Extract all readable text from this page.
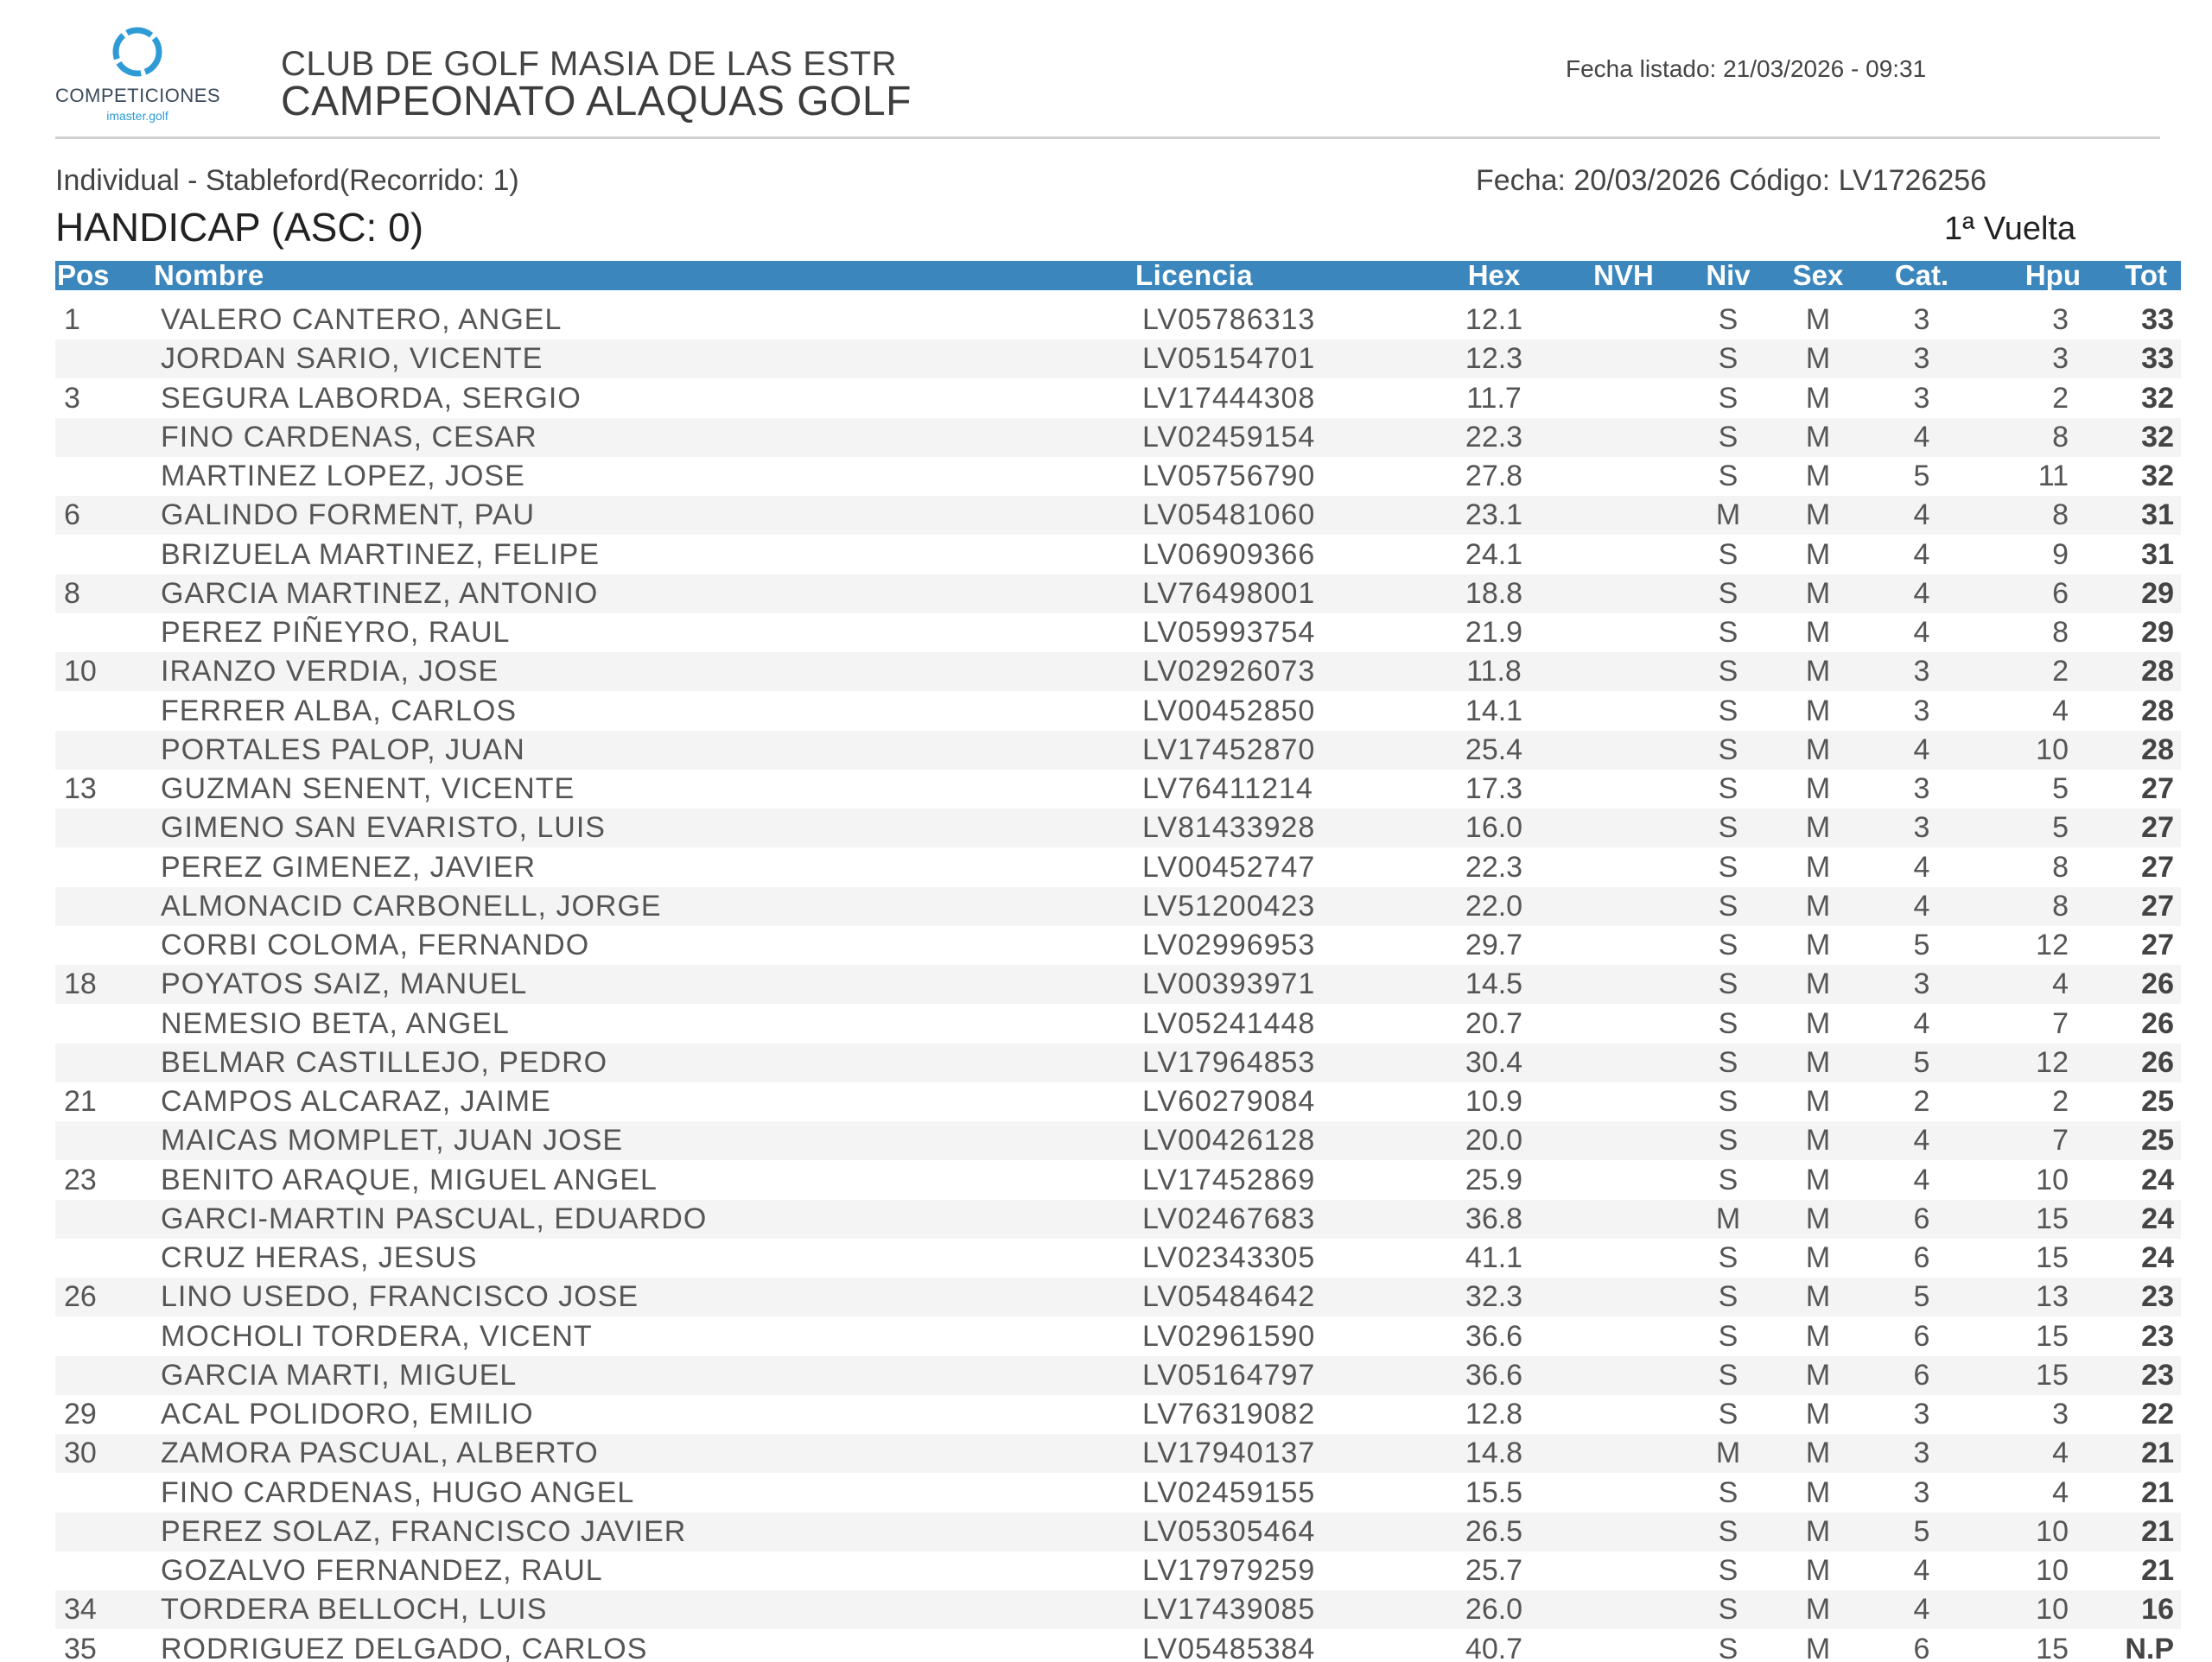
COMPETICIONES
imaster.golf
CLUB DE GOLF MASIA DE LAS ESTR
CAMPEONATO ALAQUAS GOLF
Fecha listado: 21/03/2026 - 09:31
Individual - Stableford(Recorrido: 1)	Fecha: 20/03/2026 Código: LV1726256
HANDICAP (ASC: 0)	1ª Vuelta
Pos Nombre	Licencia	Hex	NVH	Niv	Sex	Cat.	Hpu Tot
1	VALERO CANTERO, ANGEL	LV05786313	12.1	S	M	3	3 33
JORDAN SARIO, VICENTE	LV05154701	12.3	S	M	3	3 33
3	SEGURA LABORDA, SERGIO	LV17444308	11.7	S	M	3	2 32
FINO CARDENAS, CESAR	LV02459154	22.3	S	M	4	8 32
MARTINEZ LOPEZ, JOSE	LV05756790	27.8	S	M	5	11 32
6	GALINDO FORMENT, PAU	LV05481060	23.1	M	M	4	8 31
BRIZUELA MARTINEZ, FELIPE	LV06909366	24.1	S	M	4	9 31
8	GARCIA MARTINEZ, ANTONIO	LV76498001	18.8	S	M	4	6 29
PEREZ PIÑEYRO, RAUL	LV05993754	21.9	S	M	4	8 29
10 IRANZO VERDIA, JOSE	LV02926073	11.8	S	M	3	2 28
FERRER ALBA, CARLOS	LV00452850	14.1	S	M	3	4 28
PORTALES PALOP, JUAN	LV17452870	25.4	S	M	4	10 28
13 GUZMAN SENENT, VICENTE	LV76411214	17.3	S	M	3	5 27
GIMENO SAN EVARISTO, LUIS	LV81433928	16.0	S	M	3	5 27
PEREZ GIMENEZ, JAVIER	LV00452747	22.3	S	M	4	8 27
ALMONACID CARBONELL, JORGE	LV51200423	22.0	S	M	4	8 27
CORBI COLOMA, FERNANDO	LV02996953	29.7	S	M	5	12 27
18 POYATOS SAIZ, MANUEL	LV00393971	14.5	S	M	3	4 26
NEMESIO BETA, ANGEL	LV05241448	20.7	S	M	4	7 26
BELMAR CASTILLEJO, PEDRO	LV17964853	30.4	S	M	5	12 26
21 CAMPOS ALCARAZ, JAIME	LV60279084	10.9	S	M	2	2 25
MAICAS MOMPLET, JUAN JOSE	LV00426128	20.0	S	M	4	7 25
23 BENITO ARAQUE, MIGUEL ANGEL	LV17452869	25.9	S	M	4	10 24
GARCI-MARTIN PASCUAL, EDUARDO	LV02467683	36.8	M	M	6	15 24
CRUZ HERAS, JESUS	LV02343305	41.1	S	M	6	15 24
26 LINO USEDO, FRANCISCO JOSE	LV05484642	32.3	S	M	5	13 23
MOCHOLI TORDERA, VICENT	LV02961590	36.6	S	M	6	15 23
GARCIA MARTI, MIGUEL	LV05164797	36.6	S	M	6	15 23
29 ACAL POLIDORO, EMILIO	LV76319082	12.8	S	M	3	3 22
30 ZAMORA PASCUAL, ALBERTO	LV17940137	14.8	M	M	3	4 21
FINO CARDENAS, HUGO ANGEL	LV02459155	15.5	S	M	3	4 21
PEREZ SOLAZ, FRANCISCO JAVIER	LV05305464	26.5	S	M	5	10 21
GOZALVO FERNANDEZ, RAUL	LV17979259	25.7	S	M	4	10 21
34 TORDERA BELLOCH, LUIS	LV17439085	26.0	S	M	4	10 16
35 RODRIGUEZ DELGADO, CARLOS	LV05485384	40.7	S	M	6	15 N.P
